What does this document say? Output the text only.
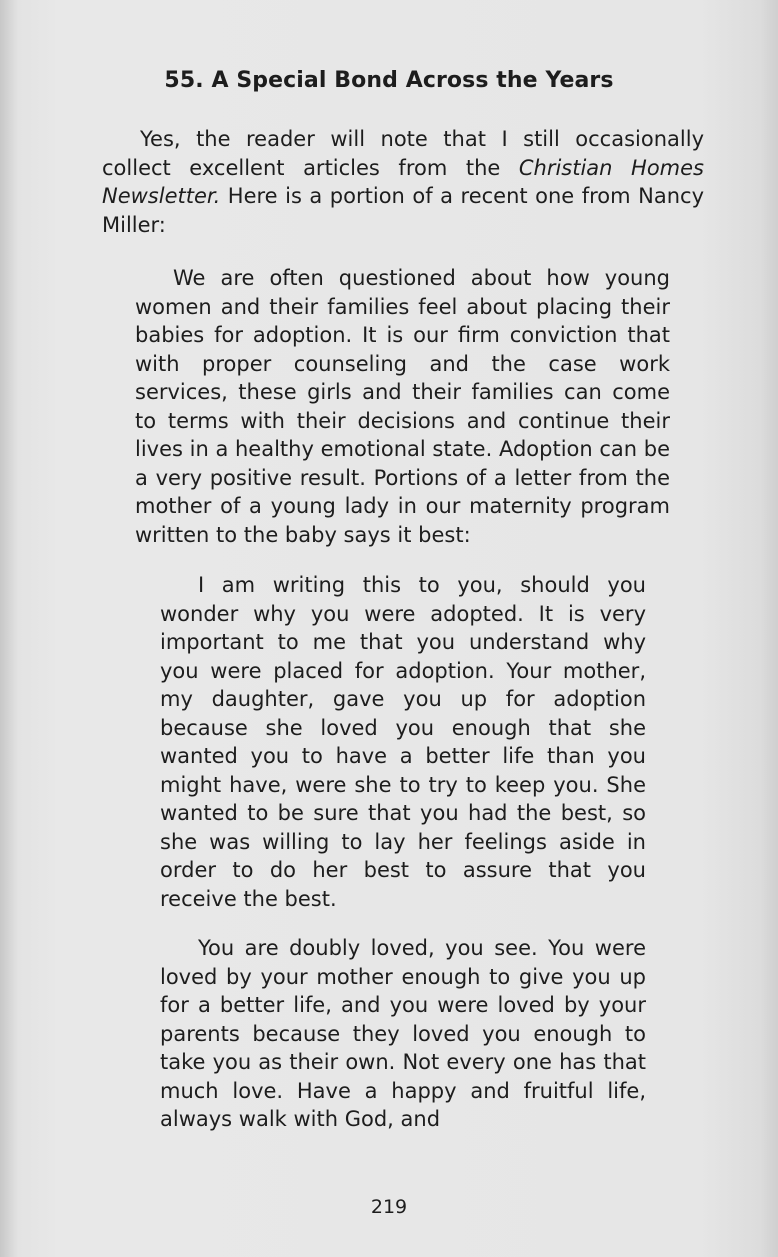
55. A Special Bond Across the Years

Yes, the reader will note that I still occasionally collect excellent articles from the Christian Homes Newsletter. Here is a portion of a recent one from Nancy Miller:

We are often questioned about how young women and their families feel about placing their babies for adoption. It is our firm conviction that with proper counseling and the case work services, these girls and their families can come to terms with their decisions and continue their lives in a healthy emotional state. Adoption can be a very positive result. Portions of a letter from the mother of a young lady in our maternity program written to the baby says it best:

I am writing this to you, should you wonder why you were adopted. It is very important to me that you understand why you were placed for adoption. Your mother, my daughter, gave you up for adoption because she loved you enough that she wanted you to have a better life than you might have, were she to try to keep you. She wanted to be sure that you had the best, so she was willing to lay her feelings aside in order to do her best to assure that you receive the best.

You are doubly loved, you see. You were loved by your mother enough to give you up for a better life, and you were loved by your parents because they loved you enough to take you as their own. Not every one has that much love. Have a happy and fruitful life, always walk with God, and

219
